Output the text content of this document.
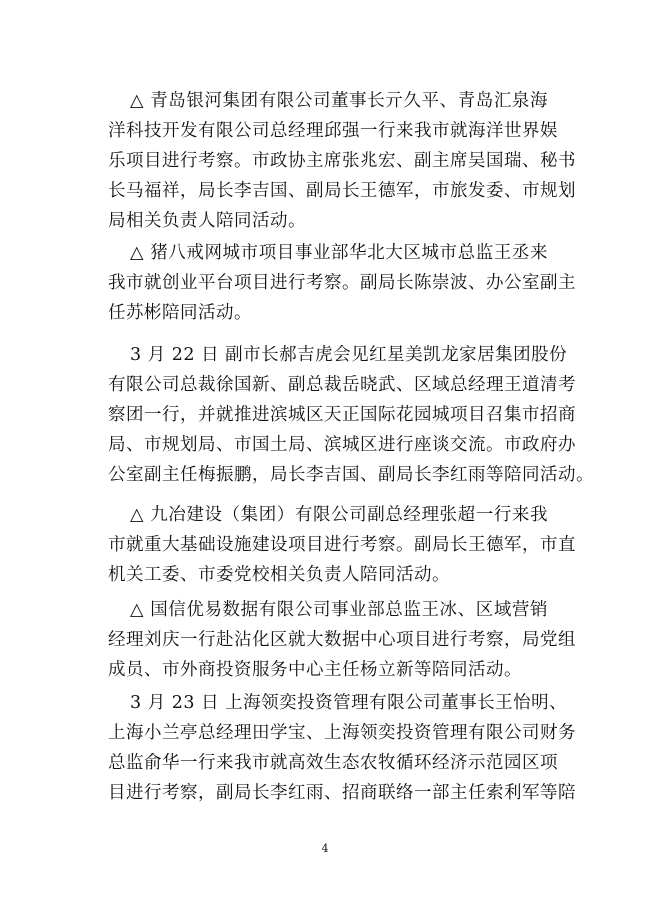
△ 青岛银河集团有限公司董事长亓久平、青岛汇泉海
洋科技开发有限公司总经理邱强一行来我市就海洋世界娱
乐项目进行考察。市政协主席张兆宏、副主席吴国瑞、秘书
长马福祥，局长李吉国、副局长王德军，市旅发委、市规划
局相关负责人陪同活动。
△ 猪八戒网城市项目事业部华北大区城市总监王丞来
我市就创业平台项目进行考察。副局长陈崇波、办公室副主
任苏彬陪同活动。
3 月 22 日 副市长郝吉虎会见红星美凯龙家居集团股份
有限公司总裁徐国新、副总裁岳晓武、区域总经理王道清考
察团一行，并就推进滨城区天正国际花园城项目召集市招商
局、市规划局、市国土局、滨城区进行座谈交流。市政府办
公室副主任梅振鹏，局长李吉国、副局长李红雨等陪同活动。
△ 九冶建设（集团）有限公司副总经理张超一行来我
市就重大基础设施建设项目进行考察。副局长王德军，市直
机关工委、市委党校相关负责人陪同活动。
△ 国信优易数据有限公司事业部总监王冰、区域营销
经理刘庆一行赴沾化区就大数据中心项目进行考察，局党组
成员、市外商投资服务中心主任杨立新等陪同活动。
3 月 23 日 上海领奕投资管理有限公司董事长王怡明、
上海小兰亭总经理田学宝、上海领奕投资管理有限公司财务
总监俞华一行来我市就高效生态农牧循环经济示范园区项
目进行考察，副局长李红雨、招商联络一部主任索利军等陪
4
